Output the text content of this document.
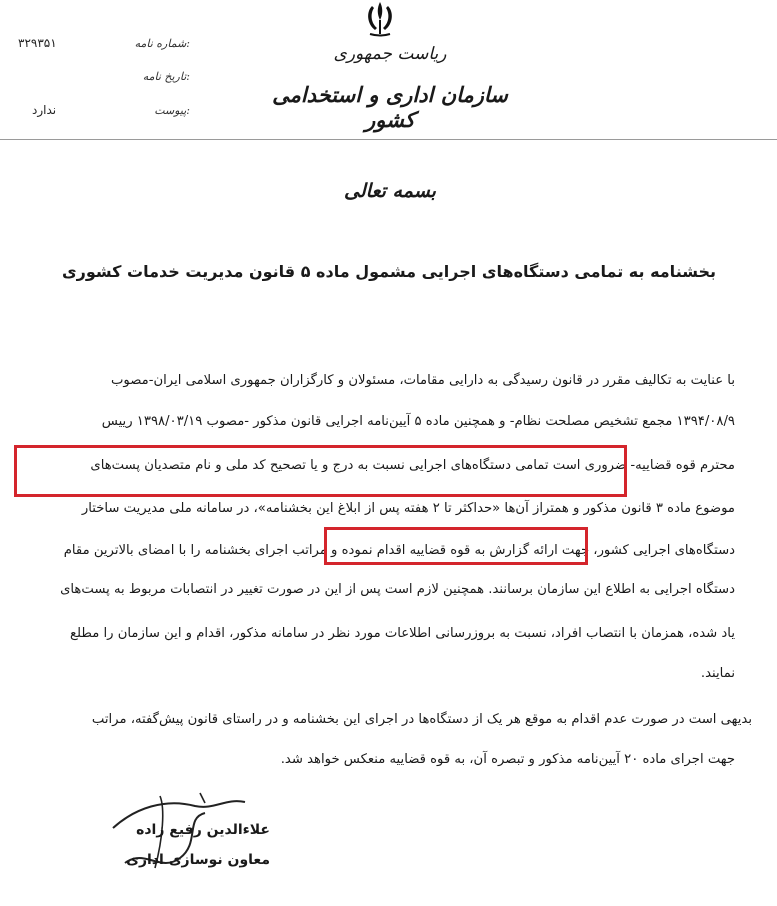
ریاست جمهوری
سازمان اداری و استخدامی کشور
شماره نامه:
۳۲۹۳۵۱
تاریخ نامه:
پیوست:
ندارد
بسمه تعالی
بخشنامه به تمامی دستگاه‌های اجرایی مشمول ماده ۵ قانون مدیریت خدمات کشوری
با عنایت به تکالیف مقرر در قانون رسیدگی به دارایی مقامات، مسئولان و کارگزاران جمهوری اسلامی ایران-مصوب
۱۳۹۴/۰۸/۹ مجمع تشخیص مصلحت نظام- و همچنین ماده ۵ آیین‌نامه اجرایی قانون مذکور -مصوب ۱۳۹۸/۰۳/۱۹ رییس
محترم قوه قضاییه- ضروری است تمامی دستگاه‌های اجرایی نسبت به درج و یا تصحیح کد ملی و نام متصدیان پست‌های
موضوع ماده ۳ قانون مذکور و همتراز آن‌ها «حداکثر تا ۲ هفته پس از ابلاغ این بخشنامه»، در سامانه ملی مدیریت ساختار
دستگاه‌های اجرایی کشور، جهت ارائه گزارش به قوه قضاییه اقدام نموده و مراتب اجرای بخشنامه را با امضای بالاترین مقام
دستگاه اجرایی به اطلاع این سازمان برسانند. همچنین لازم است پس از این در صورت تغییر در انتصابات مربوط به پست‌های
یاد شده، همزمان با انتصاب افراد، نسبت به بروزرسانی اطلاعات مورد نظر در سامانه مذکور، اقدام و این سازمان را مطلع
نمایند.
بدیهی است در صورت عدم اقدام به موقع هر یک از دستگاه‌ها در اجرای این بخشنامه و در راستای قانون پیش‌گفته، مراتب
جهت اجرای ماده ۲۰ آیین‌نامه مذکور و تبصره آن، به قوه قضاییه منعکس خواهد شد.
علاءالدین رفیع زاده
معاون نوسازی اداری
